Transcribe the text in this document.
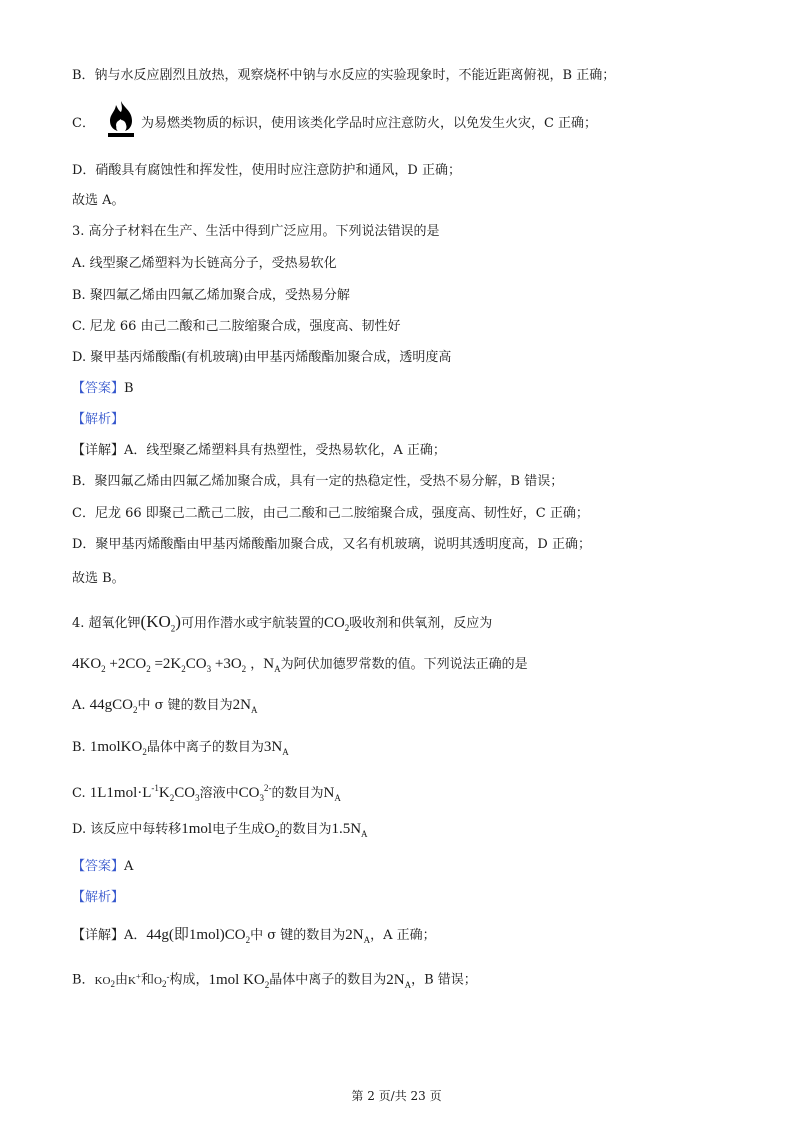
B．钠与水反应剧烈且放热，观察烧杯中钠与水反应的实验现象时，不能近距离俯视，B 正确；
C．	为易燃类物质的标识，使用该类化学品时应注意防火，以免发生火灾，C 正确；
D．硝酸具有腐蚀性和挥发性，使用时应注意防护和通风，D 正确；
故选 A。
3. 高分子材料在生产、生活中得到广泛应用。下列说法错误的是
A. 线型聚乙烯塑料为长链高分子，受热易软化
B. 聚四氟乙烯由四氟乙烯加聚合成，受热易分解
C. 尼龙 66 由己二酸和己二胺缩聚合成，强度高、韧性好
D. 聚甲基丙烯酸酯(有机玻璃)由甲基丙烯酸酯加聚合成，透明度高
【答案】B
【解析】
【详解】A．线型聚乙烯塑料具有热塑性，受热易软化，A 正确；
B．聚四氟乙烯由四氟乙烯加聚合成，具有一定的热稳定性，受热不易分解，B 错误；
C．尼龙 66 即聚己二酰己二胺，由己二酸和己二胺缩聚合成，强度高、韧性好，C 正确；
D．聚甲基丙烯酸酯由甲基丙烯酸酯加聚合成，又名有机玻璃，说明其透明度高，D 正确；
故选 B。
4. 超氧化钾$(KO_2)$可用作潜水或宇航装置的$CO_2$吸收剂和供氧剂，反应为
$4KO_2 +2CO_2 =2K_2CO_3 +3O_2$ ，$N_A$为阿伏加德罗常数的值。下列说法正确的是
A. 44gCO$_2$中 σ 键的数目为$2N_A$
B. 1molKO$_2$晶体中离子的数目为$3N_A$
C. $1L1mol\cdot L^{-1}K_2CO_3$溶液中$CO_3^{2-}$的数目为$N_A$
D. 该反应中每转移1mol电子生成$O_2$的数目为$1.5N_A$
【答案】A
【解析】
【详解】A．44g(即$1mol)CO_2$中 σ 键的数目为$2N_A$，A 正确；
B．$KO_2$由K+和$O_2^-$构成，1mol $KO_2$晶体中离子的数目为$2N_A$，B 错误；
第 2 页/共 23 页
